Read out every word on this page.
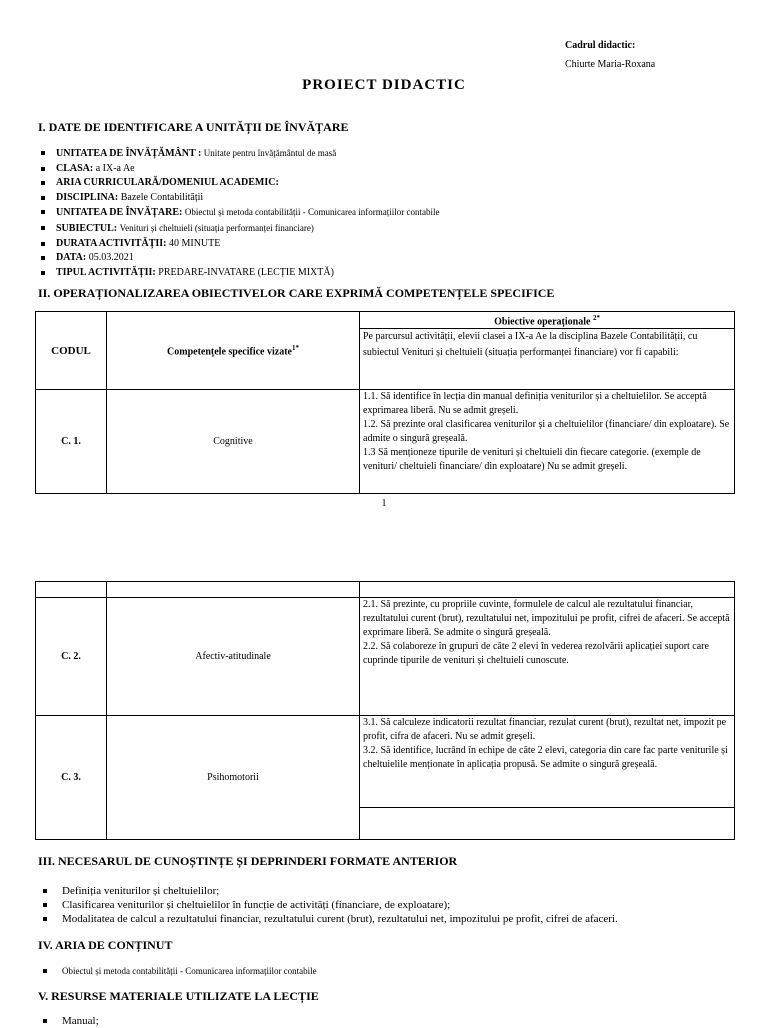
Cadrul didactic:
Chiurte Maria-Roxana
PROIECT DIDACTIC
I. DATE DE IDENTIFICARE A UNITĂȚII DE ÎNVĂȚARE
UNITATEA DE ÎNVĂȚĂMÂNT : Unitate pentru învățământul de masă
CLASA: a IX-a Ae
ARIA CURRICULARĂ/DOMENIUL ACADEMIC:
DISCIPLINA: Bazele Contabilității
UNITATEA DE ÎNVĂȚARE: Obiectul și metoda contabilității - Comunicarea informațiilor contabile
SUBIECTUL: Venituri și cheltuieli (situația performanței financiare)
DURATA ACTIVITĂȚII: 40 MINUTE
DATA: 05.03.2021
TIPUL ACTIVITĂȚII: PREDARE-INVATARE (LECȚIE MIXTĂ)
II. OPERAȚIONALIZAREA OBIECTIVELOR CARE EXPRIMĂ COMPETENȚELE SPECIFICE
CODUL	Competențele specifice vizate$^{1*}$	Obiective operaționale $^{2*}$
		Pe parcursul activității, elevii clasei a IX-a Ae la disciplina Bazele Contabilității, cu subiectul Venituri și cheltuieli (situația performanței financiare) vor fi capabili:
C. 1.	Cognitive	1.1. Să identifice în lecția din manual definiția veniturilor și a cheltuielilor. Se acceptă exprimarea liberă. Nu se admit greșeli.
1.2. Să prezinte oral clasificarea veniturilor și a cheltuielilor (financiare/ din exploatare). Se admite o singură greșeală.
1.3 Să menționeze tipurile de venituri și cheltuieli din fiecare categorie. (exemple de venituri/ cheltuieli financiare/ din exploatare) Nu se admit greșeli.
1

C. 2.	Afectiv-atitudinale	2.1. Să prezinte, cu propriile cuvinte, formulele de calcul ale rezultatului financiar, rezultatului curent (brut), rezultatului net, impozitului pe profit, cifrei de afaceri. Se acceptă exprimare liberă. Se admite o singură greșeală.
2.2. Să colaboreze în grupuri de câte 2 elevi în vederea rezolvării aplicației suport care cuprinde tipurile de venituri și cheltuieli cunoscute.

C. 3.	Psihomotorii	3.1. Să calculeze indicatorii rezultat financiar, rezulat curent (brut), rezultat net, impozit pe profit, cifra de afaceri. Nu se admit greșeli.
3.2. Să identifice, lucrând în echipe de câte 2 elevi, categoria din care fac parte veniturile și cheltuielile menționate în aplicația propusă. Se admite o singură greșeală.

III. NECESARUL DE CUNOȘTINȚE ȘI DEPRINDERI FORMATE ANTERIOR
Definiția veniturilor și cheltuielilor;
Clasificarea veniturilor și cheltuielilor în funcție de activități (financiare, de exploatare);
Modalitatea de calcul a rezultatului financiar, rezultatului curent (brut), rezultatului net, impozitului pe profit, cifrei de afaceri.
IV. ARIA DE CONȚINUT
Obiectul și metoda contabilității - Comunicarea informațiilor contabile
V. RESURSE MATERIALE UTILIZATE LA LECȚIE
Manual;
